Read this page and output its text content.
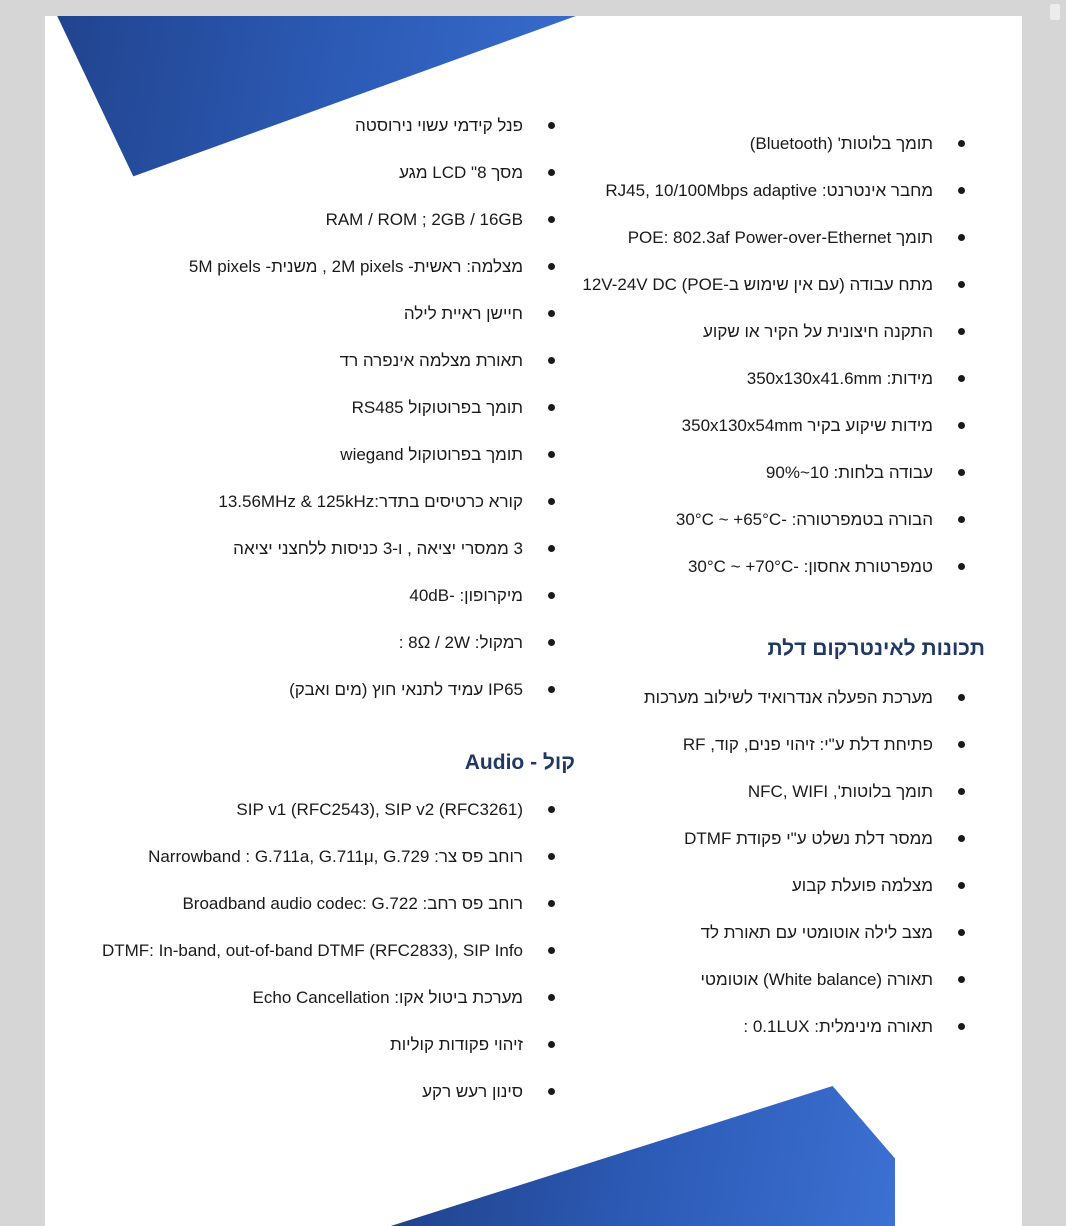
תומך בלוטות' (Bluetooth)
מחבר אינטרנט: RJ45, 10/100Mbps adaptive
תומך POE: 802.3af Power-over-Ethernet
מתח עבודה (עם אין שימוש ב-POE) 12V-24V DC
התקנה חיצונית על הקיר או שקוע
מידות: 350x130x41.6mm
מידות שיקוע בקיר 350x130x54mm
עבודה בלחות: 10~90%
הבורה בטמפרטורה: -30°C ~ +65°C
טמפרטורת אחסון: -30°C ~ +70°C
תכונות לאינטרקום דלת
מערכת הפעלה אנדרואיד לשילוב מערכות
פתיחת דלת ע"י: זיהוי פנים, קוד, RF
תומך בלוטות', NFC, WIFI
ממסר דלת נשלט ע"י פקודת DTMF
מצלמה פועלת קבוע
מצב לילה אוטומטי עם תאורת לד
תאורה (White balance) אוטומטי
תאורה מינימלית: 0.1LUX :
פנל קידמי עשוי נירוסטה
מסך 8" LCD מגע
RAM / ROM ; 2GB / 16GB
מצלמה: ראשית- 2M pixels , משנית- 5M pixels
חיישן ראיית לילה
תאורת מצלמה אינפרה רד
תומך בפרוטוקול RS485
תומך בפרוטוקול wiegand
קורא כרטיסים בתדר:13.56MHz & 125kHz
3 ממסרי יציאה , ו-3 כניסות ללחצני יציאה
מיקרופון: -40dB
רמקול: 8Ω / 2W :
IP65 עמיד לתנאי חוץ (מים ואבק)
קול - Audio
SIP v1 (RFC2543), SIP v2 (RFC3261)
רוחב פס צר: Narrowband : G.711a, G.711μ, G.729
רוחב פס רחב: Broadband audio codec: G.722
DTMF: In-band, out-of-band DTMF (RFC2833), SIP Info
מערכת ביטול אקו: Echo Cancellation
זיהוי פקודות קוליות
סינון רעש רקע
